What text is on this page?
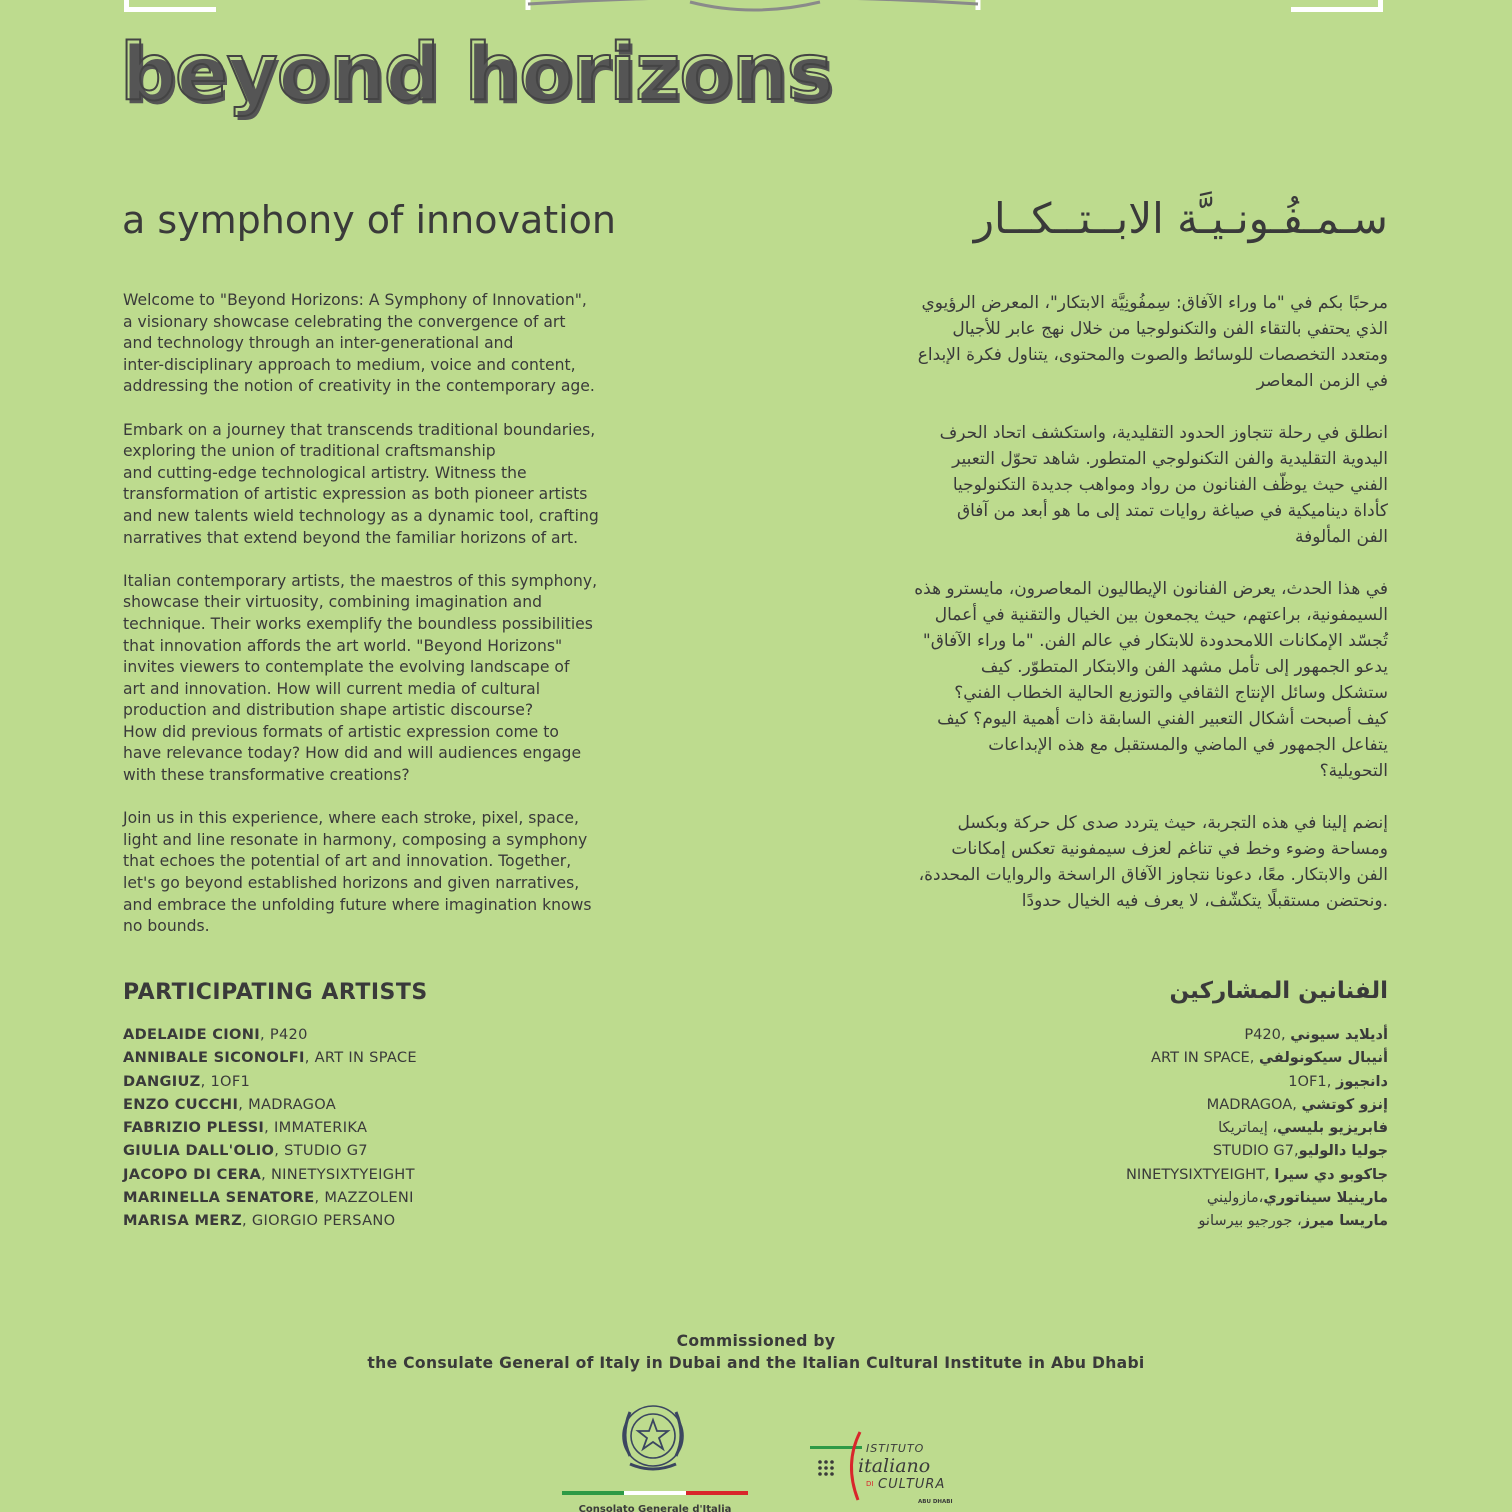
beyond horizons
a symphony of innovation	سـمـفُـونـيـَّة الابــتــكــار

Welcome to "Beyond Horizons: A Symphony of Innovation",
a visionary showcase celebrating the convergence of art
and technology through an inter-generational and
inter-disciplinary approach to medium, voice and content,
addressing the notion of creativity in the contemporary age.

Embark on a journey that transcends traditional boundaries,
exploring the union of traditional craftsmanship
and cutting-edge technological artistry. Witness the
transformation of artistic expression as both pioneer artists
and new talents wield technology as a dynamic tool, crafting
narratives that extend beyond the familiar horizons of art.

Italian contemporary artists, the maestros of this symphony,
showcase their virtuosity, combining imagination and
technique. Their works exemplify the boundless possibilities
that innovation affords the art world. "Beyond Horizons"
invites viewers to contemplate the evolving landscape of
art and innovation. How will current media of cultural
production and distribution shape artistic discourse?
How did previous formats of artistic expression come to
have relevance today? How did and will audiences engage
with these transformative creations?

Join us in this experience, where each stroke, pixel, space,
light and line resonate in harmony, composing a symphony
that echoes the potential of art and innovation. Together,
let's go beyond established horizons and given narratives,
and embrace the unfolding future where imagination knows
no bounds.

مرحبًا بكم في "ما وراء الآفاق: سِمفُونِيَّة الابتكار"، المعرض الرؤيوي
الذي يحتفي بالتقاء الفن والتكنولوجيا من خلال نهج عابر للأجيال
ومتعدد التخصصات للوسائط والصوت والمحتوى، يتناول فكرة الإبداع
في الزمن المعاصر

انطلق في رحلة تتجاوز الحدود التقليدية، واستكشف اتحاد الحرف
اليدوية التقليدية والفن التكنولوجي المتطور. شاهد تحوّل التعبير
الفني حيث يوظّف الفنانون من رواد ومواهب جديدة التكنولوجيا
كأداة ديناميكية في صياغة روايات تمتد إلى ما هو أبعد من آفاق
الفن المألوفة

في هذا الحدث، يعرض الفنانون الإيطاليون المعاصرون، مايسترو هذه
السيمفونية، براعتهم، حيث يجمعون بين الخيال والتقنية في أعمال
تُجسّد الإمكانات اللامحدودة للابتكار في عالم الفن. "ما وراء الآفاق"
يدعو الجمهور إلى تأمل مشهد الفن والابتكار المتطوّر. كيف
ستشكل وسائل الإنتاج الثقافي والتوزيع الحالية الخطاب الفني؟
كيف أصبحت أشكال التعبير الفني السابقة ذات أهمية اليوم؟ كيف
يتفاعل الجمهور في الماضي والمستقبل مع هذه الإبداعات
التحويلية؟

إنضم إلينا في هذه التجربة، حيث يتردد صدى كل حركة وبكسل
ومساحة وضوء وخط في تناغم لعزف سيمفونية تعكس إمكانات
الفن والابتكار. معًا، دعونا نتجاوز الآفاق الراسخة والروايات المحددة،
.ونحتضن مستقبلًا يتكشّف، لا يعرف فيه الخيال حدودًا

PARTICIPATING ARTISTS	الفنانين المشاركين
ADELAIDE CIONI, P420
ANNIBALE SICONOLFI, ART IN SPACE
DANGIUZ, 1OF1
ENZO CUCCHI, MADRAGOA
FABRIZIO PLESSI, IMMATERIKA
GIULIA DALL'OLIO, STUDIO G7
JACOPO DI CERA, NINETYSIXTYEIGHT
MARINELLA SENATORE, MAZZOLENI
MARISA MERZ, GIORGIO PERSANO
أديلايد سيوني ,P420
أنيبال سيكونولفي ,ART IN SPACE
دانجيوز ,1OF1
إنزو كوتشي ,MADRAGOA
فابريزيو بليسي، إيماتريكا
جوليا دالوليو,STUDIO G7
جاكوبو دي سيرا ,NINETYSIXTYEIGHT
مارينيلا سيناتوري،مازوليني
ماريسا ميرز، جورجيو بيرسانو
Commissioned by
the Consulate General of Italy in Dubai and the Italian Cultural Institute in Abu Dhabi
Consolato Generale d'Italia
ISTITUTO
italiano
DI CULTURA
ABU DHABI
